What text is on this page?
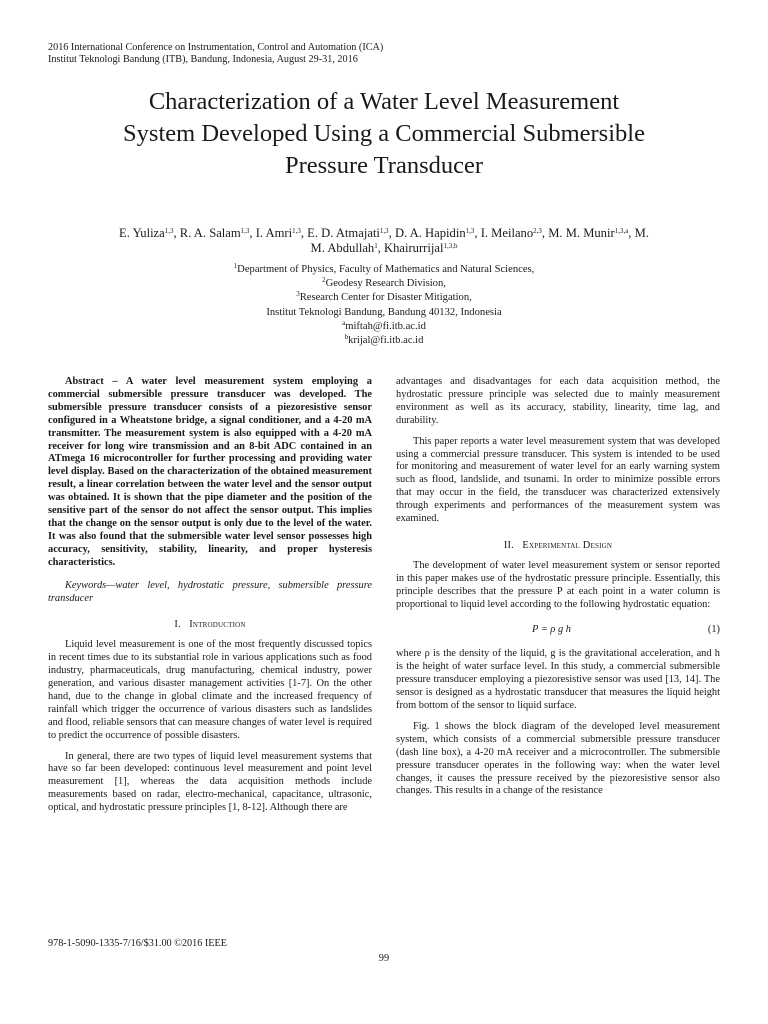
2016 International Conference on Instrumentation, Control and Automation (ICA)
Institut Teknologi Bandung (ITB), Bandung, Indonesia, August 29-31, 2016
Characterization of a Water Level Measurement
System Developed Using a Commercial Submersible
Pressure Transducer
E. Yuliza$^{1,3}$, R. A. Salam$^{1,3}$, I. Amri$^{1,3}$, E. D. Atmajati$^{1,3}$, D. A. Hapidin$^{1,3}$, I. Meilano$^{2,3}$, M. M. Munir$^{1,3,a}$, M.
M. Abdullah$^1$, Khairurrijal$^{1,3,b}$
$^1$Department of Physics, Faculty of Mathematics and Natural Sciences,
$^2$Geodesy Research Division,
$^3$Research Center for Disaster Mitigation,
Institut Teknologi Bandung, Bandung 40132, Indonesia
$^a$miftah@fi.itb.ac.id
$^b$krijal@fi.itb.ac.id

Abstract – A water level measurement system employing a commercial submersible pressure transducer was developed. The submersible pressure transducer consists of a piezoresistive sensor configured in a Wheatstone bridge, a signal conditioner, and a 4-20 mA transmitter. The measurement system is also equipped with a 4-20 mA receiver for long wire transmission and an 8-bit ADC contained in an ATmega 16 microcontroller for further processing and providing water level display. Based on the characterization of the obtained measurement result, a linear correlation between the water level and the sensor output was obtained. It is shown that the pipe diameter and the position of the sensitive part of the sensor do not affect the sensor output. This implies that the change on the sensor output is only due to the level of the water. It was also found that the submersible water level sensor possesses high accuracy, sensitivity, stability, linearity, and proper hysteresis characteristics.

Keywords—water level, hydrostatic pressure, submersible pressure transducer

I. Introduction

Liquid level measurement is one of the most frequently discussed topics in recent times due to its substantial role in various applications such as food industry, pharmaceuticals, drug manufacturing, chemical industry, power generation, and various disaster management activities [1-7]. On the other hand, due to the change in global climate and the increased frequency of rainfall which trigger the occurrence of various disasters such as landslides and flood, reliable sensors that can measure changes of water level is required to predict the occurrence of possible disasters.

In general, there are two types of liquid level measurement systems that have so far been developed: continuous level measurement and point level measurement [1], whereas the data acquisition methods include measurements based on radar, electro-mechanical, capacitance, ultrasonic, optical, and hydrostatic pressure principles [1, 8-12]. Although there are

advantages and disadvantages for each data acquisition method, the hydrostatic pressure principle was selected due to mainly measurement environment as well as its accuracy, stability, linearity, time lag, and durability.

This paper reports a water level measurement system that was developed using a commercial pressure transducer. This system is intended to be used for monitoring and measurement of water level for an early warning system such as flood, landslide, and tsunami. In order to minimize possible errors that may occur in the field, the transducer was characterized extensively through experiments and performances of the measurement system was examined.

II. Experimental Design

The development of water level measurement system or sensor reported in this paper makes use of the hydrostatic pressure principle. Essentially, this principle describes that the pressure P at each point in a water column is proportional to liquid level according to the following hydrostatic equation:

P = ρ g h	(1)

where ρ is the density of the liquid, g is the gravitational acceleration, and h is the height of water surface level. In this study, a commercial submersible pressure transducer employing a piezoresistive sensor was used [13, 14]. The sensor is designed as a hydrostatic transducer that measures the liquid height from bottom of the sensor to liquid surface.

Fig. 1 shows the block diagram of the developed level measurement system, which consists of a commercial submersible pressure transducer (dash line box), a 4-20 mA receiver and a microcontroller. The submersible pressure transducer operates in the following way: when the water level changes, it causes the pressure received by the piezoresistive sensor also changes. This results in a change of the resistance

978-1-5090-1335-7/16/$31.00 ©2016 IEEE
99
